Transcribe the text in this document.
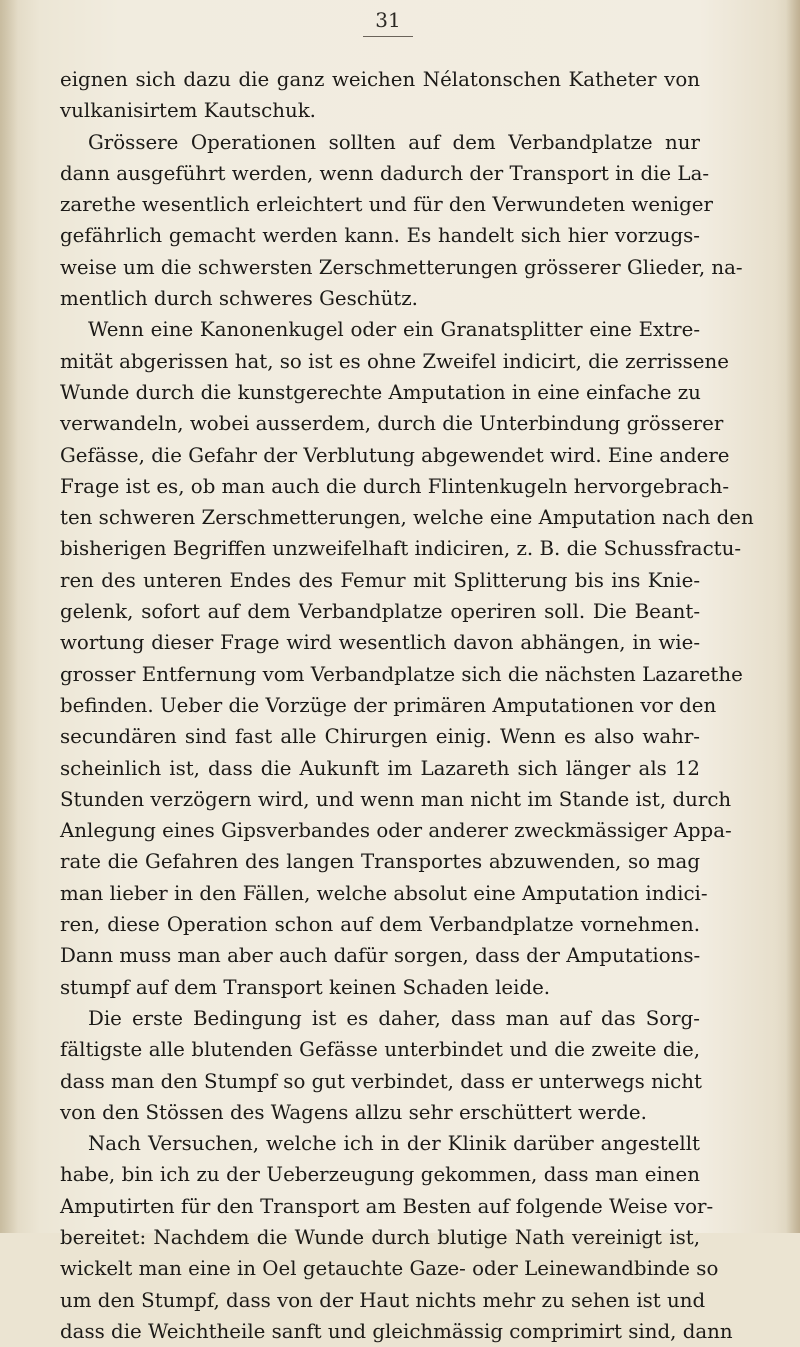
31
eignen sich dazu die ganz weichen Nélatonschen Katheter von
vulkanisirtem Kautschuk.
Grössere Operationen sollten auf dem Verbandplatze nur
dann ausgeführt werden, wenn dadurch der Transport in die La-
zarethe wesentlich erleichtert und für den Verwundeten weniger
gefährlich gemacht werden kann. Es handelt sich hier vorzugs-
weise um die schwersten Zerschmetterungen grösserer Glieder, na-
mentlich durch schweres Geschütz.
Wenn eine Kanonenkugel oder ein Granatsplitter eine Extre-
mität abgerissen hat, so ist es ohne Zweifel indicirt, die zerrissene
Wunde durch die kunstgerechte Amputation in eine einfache zu
verwandeln, wobei ausserdem, durch die Unterbindung grösserer
Gefässe, die Gefahr der Verblutung abgewendet wird. Eine andere
Frage ist es, ob man auch die durch Flintenkugeln hervorgebrach-
ten schweren Zerschmetterungen, welche eine Amputation nach den
bisherigen Begriffen unzweifelhaft indiciren, z. B. die Schussfractu-
ren des unteren Endes des Femur mit Splitterung bis ins Knie-
gelenk, sofort auf dem Verbandplatze operiren soll. Die Beant-
wortung dieser Frage wird wesentlich davon abhängen, in wie-
grosser Entfernung vom Verbandplatze sich die nächsten Lazarethe
befinden. Ueber die Vorzüge der primären Amputationen vor den
secundären sind fast alle Chirurgen einig. Wenn es also wahr-
scheinlich ist, dass die Aukunft im Lazareth sich länger als 12
Stunden verzögern wird, und wenn man nicht im Stande ist, durch
Anlegung eines Gipsverbandes oder anderer zweckmässiger Appa-
rate die Gefahren des langen Transportes abzuwenden, so mag
man lieber in den Fällen, welche absolut eine Amputation indici-
ren, diese Operation schon auf dem Verbandplatze vornehmen.
Dann muss man aber auch dafür sorgen, dass der Amputations-
stumpf auf dem Transport keinen Schaden leide.
Die erste Bedingung ist es daher, dass man auf das Sorg-
fältigste alle blutenden Gefässe unterbindet und die zweite die,
dass man den Stumpf so gut verbindet, dass er unterwegs nicht
von den Stössen des Wagens allzu sehr erschüttert werde.
Nach Versuchen, welche ich in der Klinik darüber angestellt
habe, bin ich zu der Ueberzeugung gekommen, dass man einen
Amputirten für den Transport am Besten auf folgende Weise vor-
bereitet: Nachdem die Wunde durch blutige Nath vereinigt ist,
wickelt man eine in Oel getauchte Gaze- oder Leinewandbinde so
um den Stumpf, dass von der Haut nichts mehr zu sehen ist und
dass die Weichtheile sanft und gleichmässig comprimirt sind, dann
